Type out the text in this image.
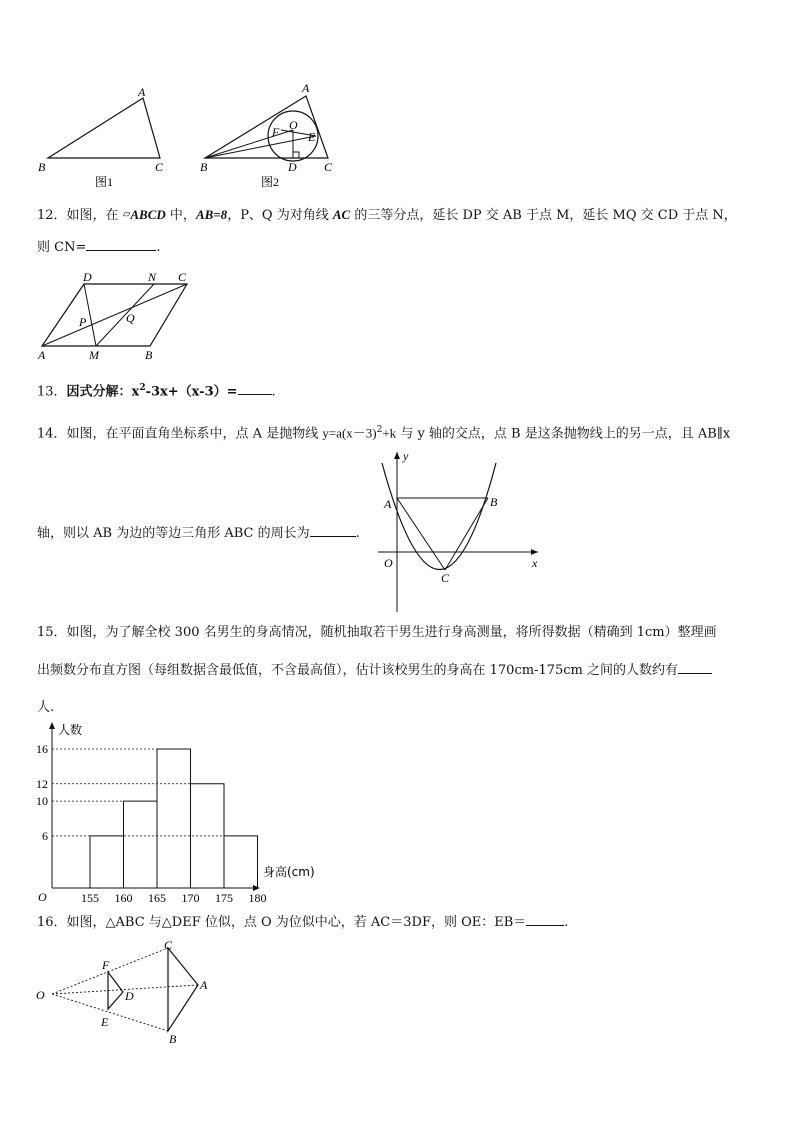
A
B	C
图1
A
O
F E
B	D C
图2
12．如图，在 ▱ABCD 中，AB=8，P、Q 为对角线 AC 的三等分点，延长 DP 交 AB 于点 M，延长 MQ 交 CD 于点 N，
则 CN=	.
D	N C
P	Q
A	M	B
13．因式分解：$x^2-3x+(x-3)=$	.
14．如图，在平面直角坐标系中，点 A 是抛物线 $y=a(x-3)^2+k$ 与 y 轴的交点，点 B 是这条抛物线上的另一点，且 AB∥x
轴，则以 AB 为边的等边三角形 ABC 的周长为	.
y
A	B
O	x
C
15．如图，为了解全校 300 名男生的身高情况，随机抽取若干男生进行身高测量，将所得数据（精确到 1cm）整理画
出频数分布直方图（每组数据含最低值，不含最高值），估计该校男生的身高在 170cm-175cm 之间的人数约有
人.
6
10
12
16
155 160 165 170 175 180
人数
身高(cm)
O
16．如图，△ABC 与△DEF 位似，点 O 为位似中心，若 AC＝3DF，则 OE：EB＝	.
O
F
D
E
C
A
B
